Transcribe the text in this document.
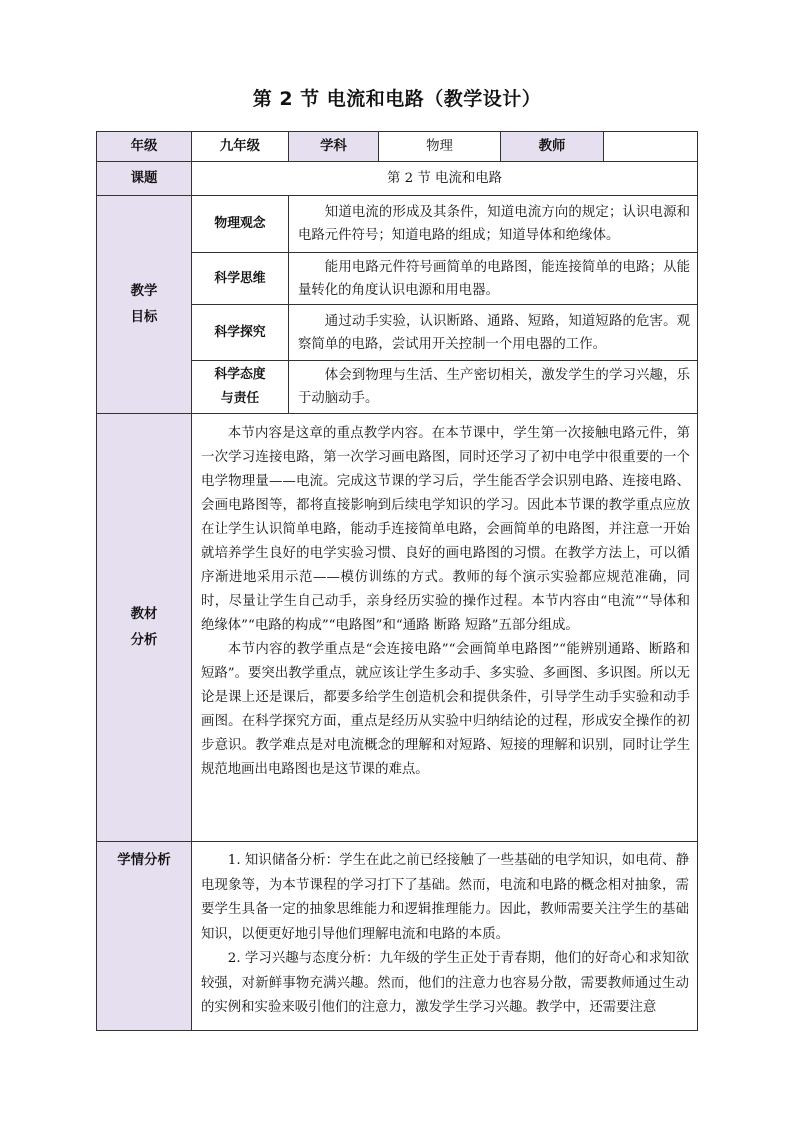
第 2 节 电流和电路（教学设计）
年级	九年级	学科	物理	教师	
课题	第 2 节 电流和电路				
教学目标	物理观念	知道电流的形成及其条件，知道电流方向的规定；认识电源和电路元件符号；知道电路的组成；知道导体和绝缘体。			

	科学思维	能用电路元件符号画简单的电路图，能连接简单的电路；从能量转化的角度认识电源和用电器。			

	科学探究	通过动手实验，认识断路、通路、短路，知道短路的危害。观察简单的电路，尝试用开关控制一个用电器的工作。			

	科学态度与责任	体会到物理与生活、生产密切相关，激发学生的学习兴趣，乐于动脑动手。			

教材分析	本节内容是这章的重点教学内容。在本节课中，学生第一次接触电路元件，第一次学习连接电路，第一次学习画电路图，同时还学习了初中电学中很重要的一个电学物理量——电流。完成这节课的学习后，学生能否学会识别电路、连接电路、会画电路图等，都将直接影响到后续电学知识的学习。因此本节课的教学重点应放在让学生认识简单电路，能动手连接简单电路，会画简单的电路图，并注意一开始就培养学生良好的电学实验习惯、良好的画电路图的习惯。在教学方法上，可以循序渐进地采用示范——模仿训练的方式。教师的每个演示实验都应规范准确，同时，尽量让学生自己动手，亲身经历实验的操作过程。本节内容由“电流”“导体和绝缘体”“电路的构成”“电路图”和“通路 断路 短路”五部分组成。

本节内容的教学重点是“会连接电路”“会画简单电路图”“能辨别通路、断路和短路”。要突出教学重点，就应该让学生多动手、多实验、多画图、多识图。所以无论是课上还是课后，都要多给学生创造机会和提供条件，引导学生动手实验和动手画图。在科学探究方面，重点是经历从实验中归纳结论的过程，形成安全操作的初步意识。教学难点是对电流概念的理解和对短路、短接的理解和识别，同时让学生规范地画出电路图也是这节课的难点。				

学情分析	1. 知识储备分析：学生在此之前已经接触了一些基础的电学知识，如电荷、静电现象等，为本节课程的学习打下了基础。然而，电流和电路的概念相对抽象，需要学生具备一定的抽象思维能力和逻辑推理能力。因此，教师需要关注学生的基础知识，以便更好地引导他们理解电流和电路的本质。

2. 学习兴趣与态度分析：九年级的学生正处于青春期，他们的好奇心和求知欲较强，对新鲜事物充满兴趣。然而，他们的注意力也容易分散，需要教师通过生动的实例和实验来吸引他们的注意力，激发学生学习兴趣。教学中，还需要注意				
